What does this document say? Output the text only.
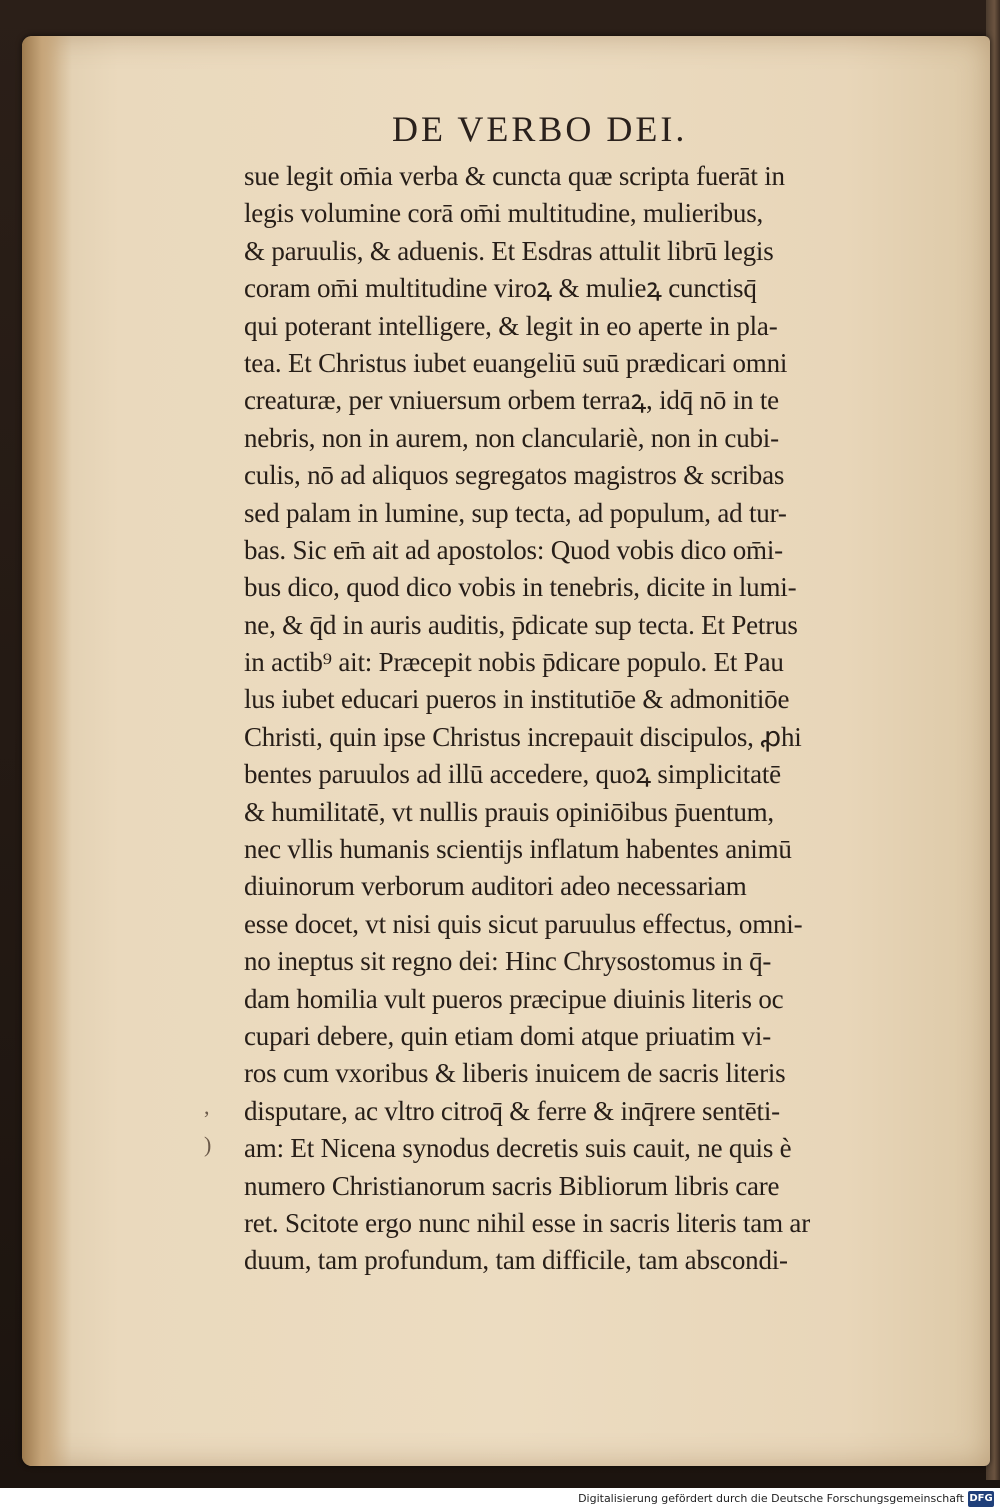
DE VERBO DEI.
sue legit om̄ia verba & cuncta quæ scripta fuerāt in
legis volumine corā om̄i multitudine, mulieribus,
& paruulis, & aduenis. Et Esdras attulit librū legis
coram om̄i multitudine viroꝝ & mulieꝝ cunctisq̄
qui poterant intelligere, & legit in eo aperte in pla-
tea. Et Christus iubet euangeliū suū prædicari omni
creaturæ, per vniuersum orbem terraꝝ, idq̄ nō in te
nebris, non in aurem, non clanculariè, non in cubi-
culis, nō ad aliquos segregatos magistros & scribas
sed palam in lumine, sup tecta, ad populum, ad tur-
bas. Sic em̄ ait ad apostolos: Quod vobis dico om̄i-
bus dico, quod dico vobis in tenebris, dicite in lumi-
ne, & q̄d in auris auditis, p̄dicate sup tecta. Et Petrus
in actib⁹ ait: Præcepit nobis p̄dicare populo. Et Pau
lus iubet educari pueros in institutiōe & admonitiōe
Christi, quin ipse Christus increpauit discipulos, ꝓhi
bentes paruulos ad illū accedere, quoꝝ simplicitatē
& humilitatē, vt nullis prauis opiniōibus p̄uentum,
nec vllis humanis scientijs inflatum habentes animū
diuinorum verborum auditori adeo necessariam
esse docet, vt nisi quis sicut paruulus effectus, omni-
no ineptus sit regno dei: Hinc Chrysostomus in q̄-
dam homilia vult pueros præcipue diuinis literis oc
cupari debere, quin etiam domi atque priuatim vi-
ros cum vxoribus & liberis inuicem de sacris literis
disputare, ac vltro citroq̄ & ferre & inq̄rere sentēti-
am: Et Nicena synodus decretis suis cauit, ne quis è
numero Christianorum sacris Bibliorum libris care
ret. Scitote ergo nunc nihil esse in sacris literis tam ar
duum, tam profundum, tam difficile, tam abscondi-
,
)
Digitalisierung gefördert durch die Deutsche Forschungsgemeinschaft DFG
